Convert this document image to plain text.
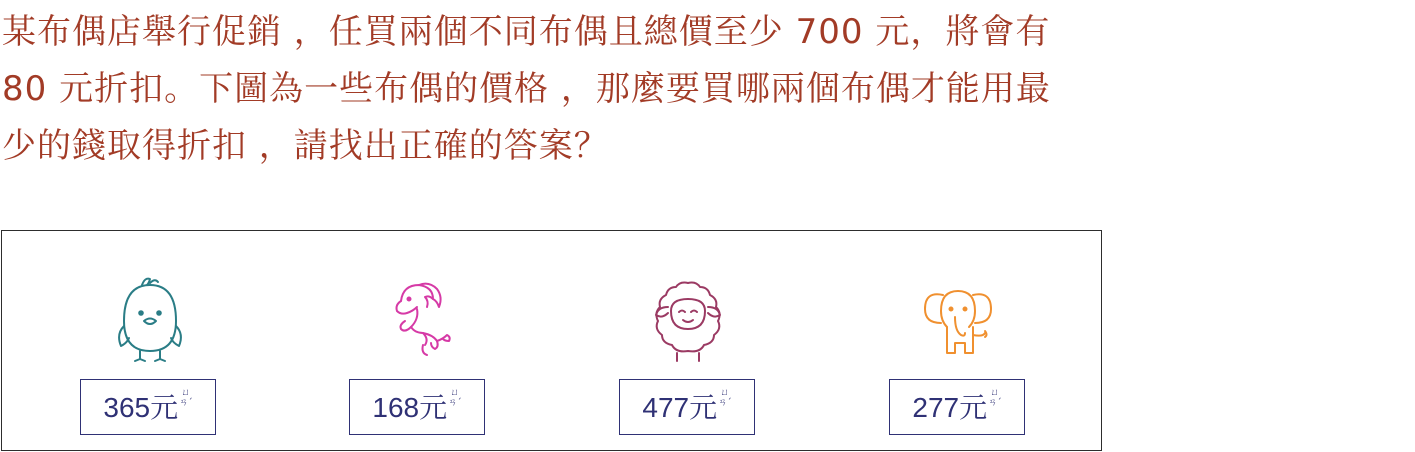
某布偶店舉行促銷 ，任買兩個不同布偶且總價至少 700 元，將會有
80 元折扣。下圖為一些布偶的價格 ，那麼要買哪兩個布偶才能用最
少的錢取得折扣 ，請找出正確的答案？
365元 ㄩ
ㄢˊ	168元 ㄩ
ㄢˊ	477元 ㄩ
ㄢˊ	277元 ㄩ
ㄢˊ
